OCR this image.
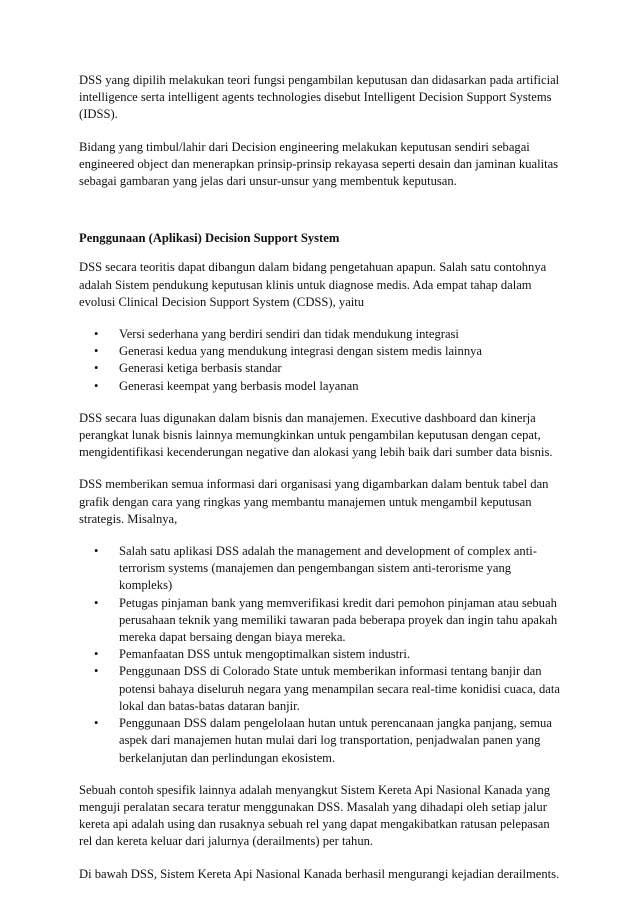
DSS yang dipilih melakukan teori fungsi pengambilan keputusan dan didasarkan pada artificial intelligence serta intelligent agents technologies disebut Intelligent Decision Support Systems (IDSS).

Bidang yang timbul/lahir dari Decision engineering melakukan keputusan sendiri sebagai engineered object dan menerapkan prinsip-prinsip rekayasa seperti desain dan jaminan kualitas sebagai gambaran yang jelas dari unsur-unsur yang membentuk keputusan.

Penggunaan (Aplikasi) Decision Support System

DSS secara teoritis dapat dibangun dalam bidang pengetahuan apapun. Salah satu contohnya adalah Sistem pendukung keputusan klinis untuk diagnose medis. Ada empat tahap dalam evolusi Clinical Decision Support System (CDSS), yaitu

• Versi sederhana yang berdiri sendiri dan tidak mendukung integrasi
• Generasi kedua yang mendukung integrasi dengan sistem medis lainnya
• Generasi ketiga berbasis standar
• Generasi keempat yang berbasis model layanan

DSS secara luas digunakan dalam bisnis dan manajemen. Executive dashboard dan kinerja perangkat lunak bisnis lainnya memungkinkan untuk pengambilan keputusan dengan cepat, mengidentifikasi kecenderungan negative dan alokasi yang lebih baik dari sumber data bisnis.

DSS memberikan semua informasi dari organisasi yang digambarkan dalam bentuk tabel dan grafik dengan cara yang ringkas yang membantu manajemen untuk mengambil keputusan strategis. Misalnya,

• Salah satu aplikasi DSS adalah the management and development of complex anti-terrorism systems (manajemen dan pengembangan sistem anti-terorisme yang kompleks)
• Petugas pinjaman bank yang memverifikasi kredit dari pemohon pinjaman atau sebuah perusahaan teknik yang memiliki tawaran pada beberapa proyek dan ingin tahu apakah mereka dapat bersaing dengan biaya mereka.
• Pemanfaatan DSS untuk mengoptimalkan sistem industri.
• Penggunaan DSS di Colorado State untuk memberikan informasi tentang banjir dan potensi bahaya diseluruh negara yang menampilan secara real-time konidisi cuaca, data lokal dan batas-batas dataran banjir.
• Penggunaan DSS dalam pengelolaan hutan untuk perencanaan jangka panjang, semua aspek dari manajemen hutan mulai dari log transportation, penjadwalan panen yang berkelanjutan dan perlindungan ekosistem.

Sebuah contoh spesifik lainnya adalah menyangkut Sistem Kereta Api Nasional Kanada yang menguji peralatan secara teratur menggunakan DSS. Masalah yang dihadapi oleh setiap jalur kereta api adalah using dan rusaknya sebuah rel yang dapat mengakibatkan ratusan pelepasan rel dan kereta keluar dari jalurnya (derailments) per tahun.

Di bawah DSS, Sistem Kereta Api Nasional Kanada berhasil mengurangi kejadian derailments.
